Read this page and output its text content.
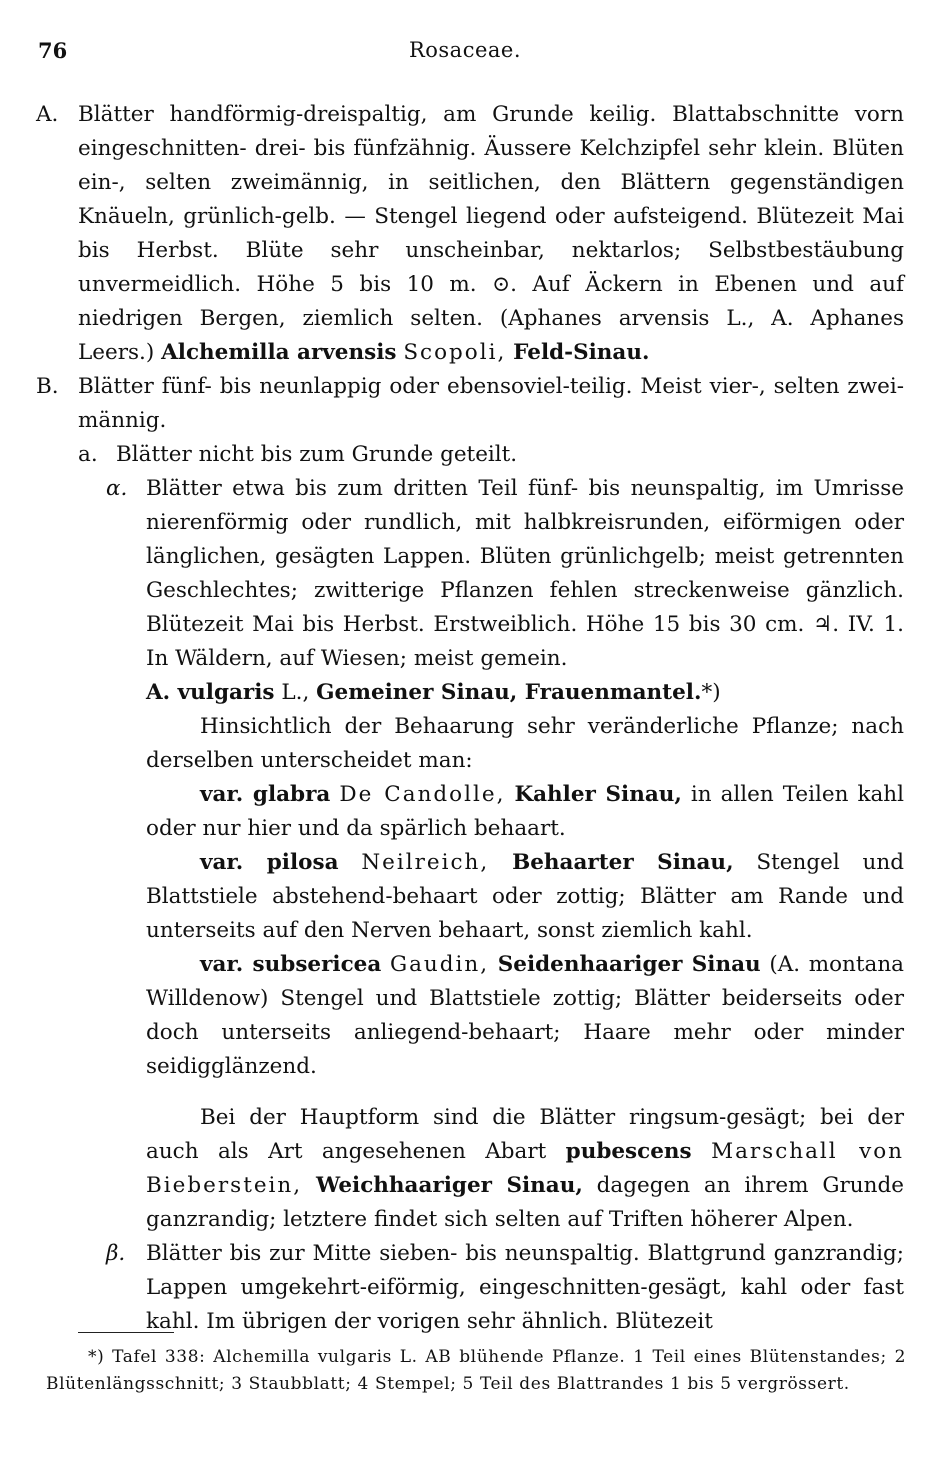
76	Rosaceae.
A. Blätter handförmig-dreispaltig, am Grunde keilig. Blattabschnitte vorn eingeschnitten- drei- bis fünfzähnig. Äussere Kelchzipfel sehr klein. Blüten ein-, selten zweimännig, in seitlichen, den Blättern gegenständigen Knäueln, grünlich-gelb. — Stengel liegend oder aufsteigend. Blütezeit Mai bis Herbst. Blüte sehr unscheinbar, nektarlos; Selbstbestäubung unvermeidlich. Höhe 5 bis 10 m. ⊙. Auf Äckern in Ebenen und auf niedrigen Bergen, ziemlich selten. (Aphanes arvensis L., A. Aphanes Leers.) Alchemilla arvensis Scopoli, Feld-Sinau.
B. Blätter fünf- bis neunlappig oder ebensoviel-teilig. Meist vier-, selten zwei-männig.
a. Blätter nicht bis zum Grunde geteilt.
α. Blätter etwa bis zum dritten Teil fünf- bis neunspaltig, im Umrisse nierenförmig oder rundlich, mit halbkreisrunden, eiförmigen oder länglichen, gesägten Lappen. Blüten grünlichgelb; meist getrennten Geschlechtes; zwitterige Pflanzen fehlen streckenweise gänzlich. Blütezeit Mai bis Herbst. Erstweiblich. Höhe 15 bis 30 cm. ♃. IV. 1. In Wäldern, auf Wiesen; meist gemein.
A. vulgaris L., Gemeiner Sinau, Frauenmantel.*)
Hinsichtlich der Behaarung sehr veränderliche Pflanze; nach derselben unterscheidet man:
var. glabra De Candolle, Kahler Sinau, in allen Teilen kahl oder nur hier und da spärlich behaart.
var. pilosa Neilreich, Behaarter Sinau, Stengel und Blattstiele abstehend-behaart oder zottig; Blätter am Rande und unterseits auf den Nerven behaart, sonst ziemlich kahl.
var. subsericea Gaudin, Seidenhaariger Sinau (A. montana Willdenow) Stengel und Blattstiele zottig; Blätter beiderseits oder doch unterseits anliegend-behaart; Haare mehr oder minder seidigglänzend.
Bei der Hauptform sind die Blätter ringsum-gesägt; bei der auch als Art angesehenen Abart pubescens Marschall von Bieberstein, Weichhaariger Sinau, dagegen an ihrem Grunde ganzrandig; letztere findet sich selten auf Triften höherer Alpen.
β. Blätter bis zur Mitte sieben- bis neunspaltig. Blattgrund ganzrandig; Lappen umgekehrt-eiförmig, eingeschnitten-gesägt, kahl oder fast kahl. Im übrigen der vorigen sehr ähnlich. Blütezeit
*) Tafel 338: Alchemilla vulgaris L. AB blühende Pflanze. 1 Teil eines Blütenstandes; 2 Blütenlängsschnitt; 3 Staubblatt; 4 Stempel; 5 Teil des Blattrandes 1 bis 5 vergrössert.
